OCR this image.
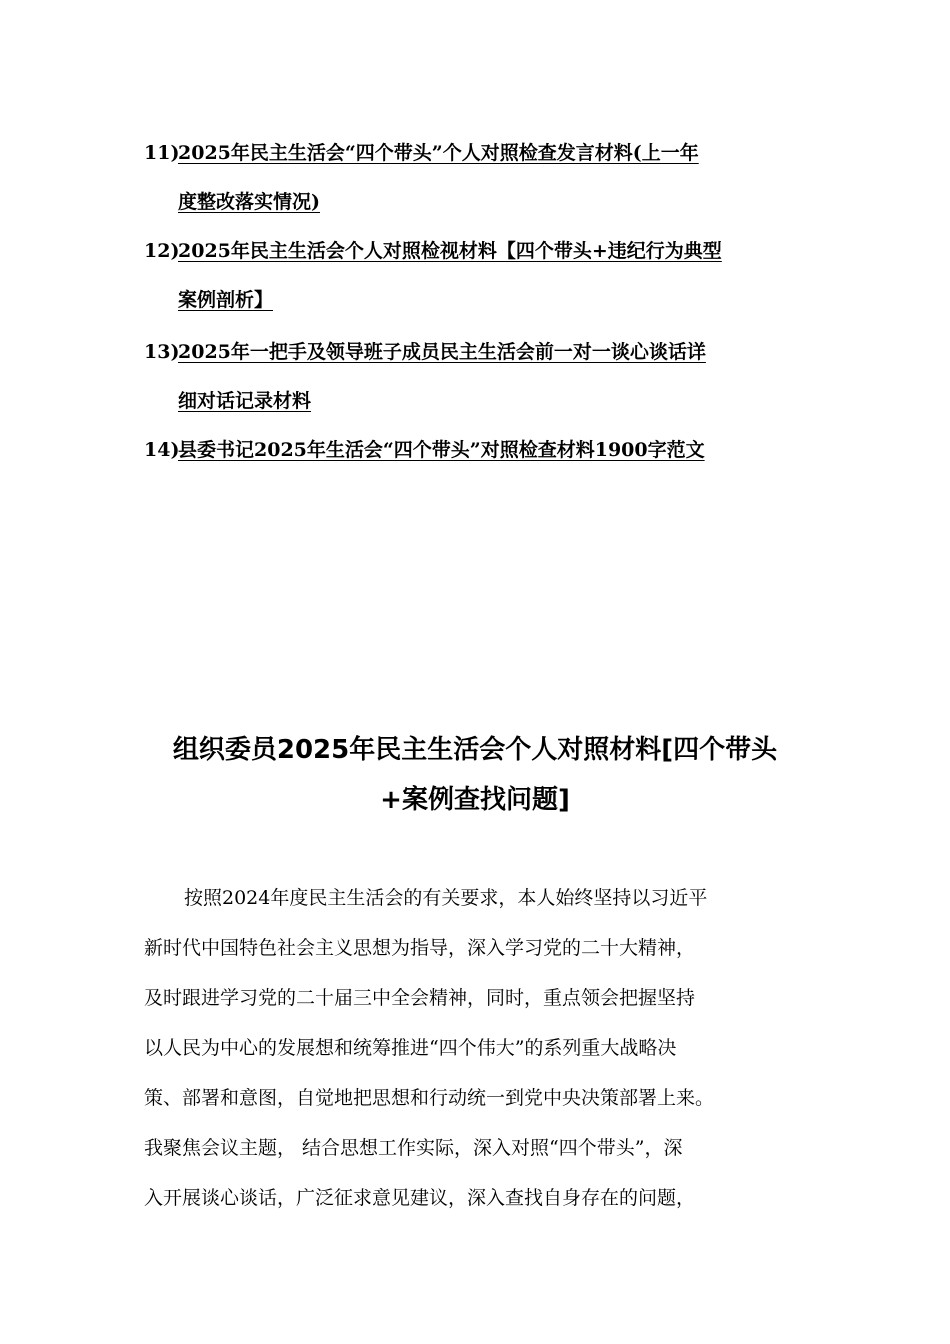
11)
2025年民主生活会“四个带头”个人对照检查发言材料(上一年
度整改落实情况)
12)
2025年民主生活会个人对照检视材料【四个带头+违纪行为典型
案例剖析】
13)
2025年一把手及领导班子成员民主生活会前一对一谈心谈话详
细对话记录材料
14)
县委书记2025年生活会“四个带头”对照检查材料1900字范文
组织委员2025年民主生活会个人对照材料[四个带头
+案例查找问题]
按照2024年度民主生活会的有关要求，本人始终坚持以习近平
新时代中国特色社会主义思想为指导，深入学习党的二十大精神，
及时跟进学习党的二十届三中全会精神，同时，重点领会把握坚持
以人民为中心的发展想和统筹推进“四个伟大”的系列重大战略决
策、部署和意图，自觉地把思想和行动统一到党中央决策部署上来。
我聚焦会议主题， 结合思想工作实际，深入对照“四个带头”，深
入开展谈心谈话，广泛征求意见建议，深入查找自身存在的问题，
